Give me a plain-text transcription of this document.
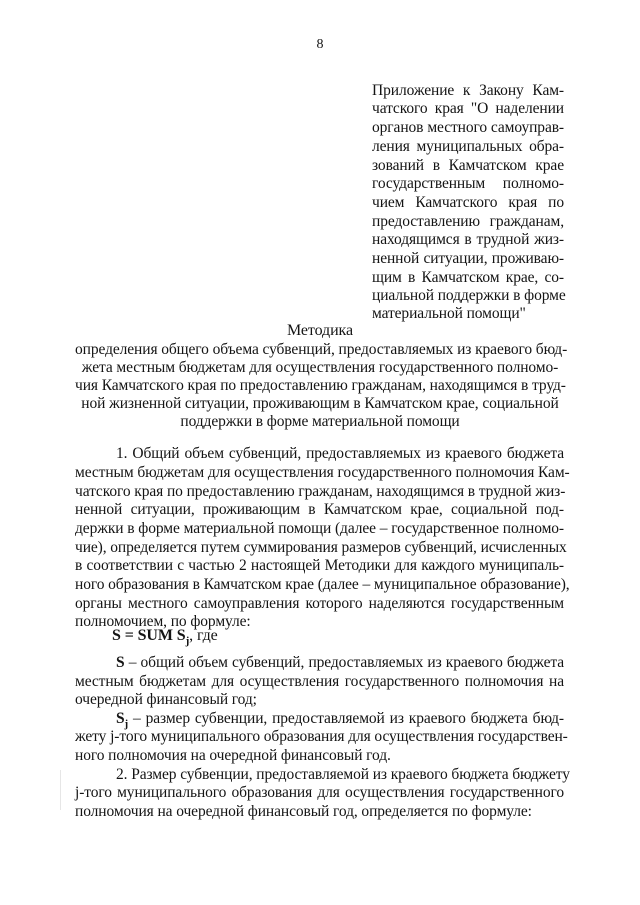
8
Приложение к Закону Кам-
чатского края "О наделении
органов местного самоуправ-
ления муниципальных обра-
зований в Камчатском крае
государственным полномо-
чием Камчатского края по
предоставлению гражданам,
находящимся в трудной жиз-
ненной ситуации, проживаю-
щим в Камчатском крае, со-
циальной поддержки в форме
материальной помощи"
Методика
определения общего объема субвенций, предоставляемых из краевого бюд-
жета местным бюджетам для осуществления государственного полномо-
чия Камчатского края по предоставлению гражданам, находящимся в труд-
ной жизненной ситуации, проживающим в Камчатском крае, социальной
поддержки в форме материальной помощи
1. Общий объем субвенций, предоставляемых из краевого бюджета
местным бюджетам для осуществления государственного полномочия Кам-
чатского края по предоставлению гражданам, находящимся в трудной жиз-
ненной ситуации, проживающим в Камчатском крае, социальной под-
держки в форме материальной помощи (далее – государственное полномо-
чие), определяется путем суммирования размеров субвенций, исчисленных
в соответствии с частью 2 настоящей Методики для каждого муниципаль-
ного образования в Камчатском крае (далее – муниципальное образование),
органы местного самоуправления которого наделяются государственным
полномочием, по формуле:
S = SUM $S_j$, где
S – общий объем субвенций, предоставляемых из краевого бюджета
местным бюджетам для осуществления государственного полномочия на
очередной финансовый год;
$S_j$ – размер субвенции, предоставляемой из краевого бюджета бюд-
жету j-того муниципального образования для осуществления государствен-
ного полномочия на очередной финансовый год.
2. Размер субвенции, предоставляемой из краевого бюджета бюджету
j-того муниципального образования для осуществления государственного
полномочия на очередной финансовый год, определяется по формуле:
